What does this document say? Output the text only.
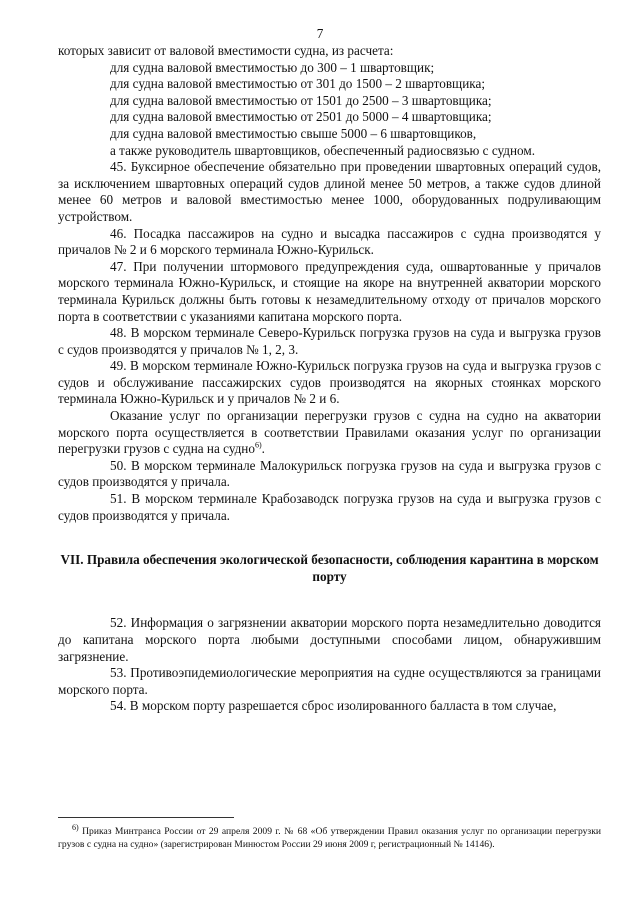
7
которых зависит от валовой вместимости судна, из расчета:
для судна валовой вместимостью до 300 – 1 швартовщик;
для судна валовой вместимостью от 301 до 1500 – 2 швартовщика;
для судна валовой вместимостью от 1501 до 2500 – 3 швартовщика;
для судна валовой вместимостью от 2501 до 5000 – 4 швартовщика;
для судна валовой вместимостью свыше 5000 – 6 швартовщиков,
а также руководитель швартовщиков, обеспеченный радиосвязью с судном.
45. Буксирное обеспечение обязательно при проведении швартовных операций судов, за исключением швартовных операций судов длиной менее 50 метров, а также судов длиной менее 60 метров и валовой вместимостью менее 1000, оборудованных подруливающим устройством.
46. Посадка пассажиров на судно и высадка пассажиров с судна производятся у причалов № 2 и 6 морского терминала Южно-Курильск.
47. При получении штормового предупреждения суда, ошвартованные у причалов морского терминала Южно-Курильск, и стоящие на якоре на внутренней акватории морского терминала Курильск должны быть готовы к незамедлительному отходу от причалов морского порта в соответствии с указаниями капитана морского порта.
48. В морском терминале Северо-Курильск погрузка грузов на суда и выгрузка грузов с судов производятся у причалов № 1, 2, 3.
49. В морском терминале Южно-Курильск погрузка грузов на суда и выгрузка грузов с судов и обслуживание пассажирских судов производятся на якорных стоянках морского терминала Южно-Курильск и у причалов № 2 и 6.
Оказание услуг по организации перегрузки грузов с судна на судно на акватории морского порта осуществляется в соответствии Правилами оказания услуг по организации перегрузки грузов с судна на судно$^{6)}$.
50. В морском терминале Малокурильск погрузка грузов на суда и выгрузка грузов с судов производятся у причала.
51. В морском терминале Крабозаводск погрузка грузов на суда и выгрузка грузов с судов производятся у причала.
VII. Правила обеспечения экологической безопасности, соблюдения карантина в морском порту
52. Информация о загрязнении акватории морского порта незамедлительно доводится до капитана морского порта любыми доступными способами лицом, обнаружившим загрязнение.
53. Противоэпидемиологические мероприятия на судне осуществляются за границами морского порта.
54. В морском порту разрешается сброс изолированного балласта в том случае,
$^{6)}$ Приказ Минтранса России от 29 апреля 2009 г. № 68 «Об утверждении Правил оказания услуг по организации перегрузки грузов с судна на судно» (зарегистрирован Минюстом России 29 июня 2009 г, регистрационный № 14146).
